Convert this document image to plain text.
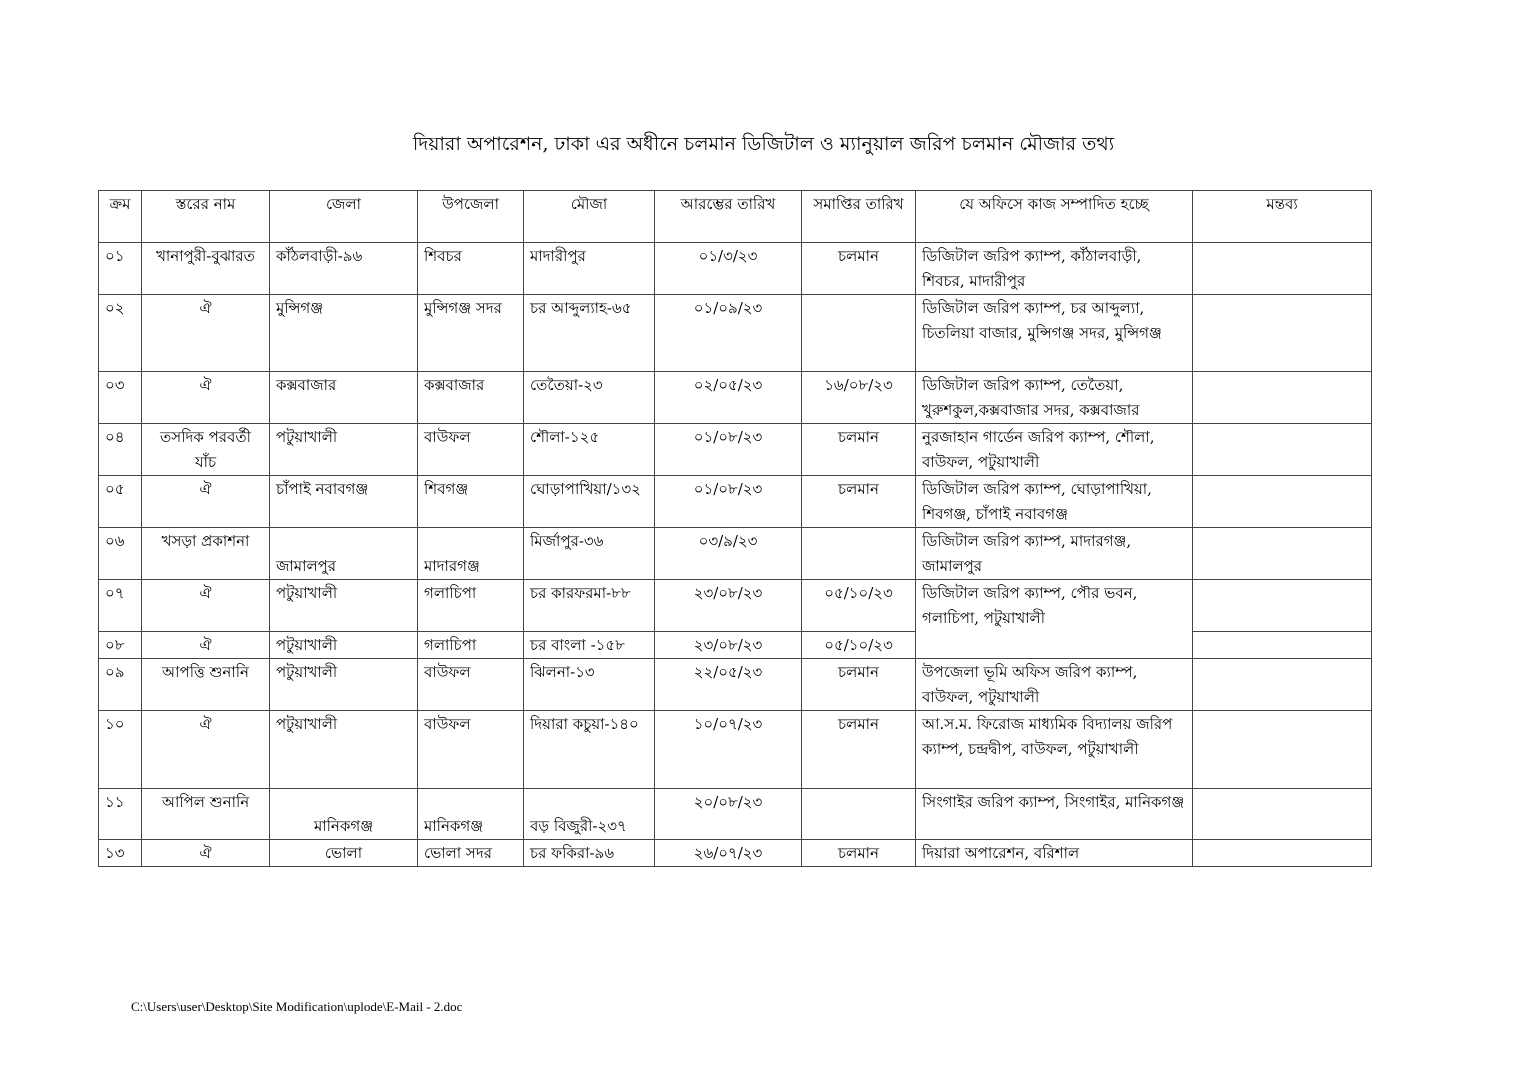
দিয়ারা অপারেশন, ঢাকা এর অধীনে চলমান ডিজিটাল ও ম্যানুয়াল জরিপ চলমান মৌজার তথ্য
ক্রম	স্তরের নাম	জেলা	উপজেলা	মৌজা	আরম্ভের তারিখ	সমাপ্তির তারিখ	যে অফিসে কাজ সম্পাদিত হচ্ছে	মন্তব্য
০১	খানাপুরী-বুঝারত	কাঁঠলবাড়ী-৯৬	শিবচর	মাদারীপুর	০১/৩/২৩	চলমান	ডিজিটাল জরিপ ক্যাম্প, কাঁঠালবাড়ী, শিবচর, মাদারীপুর	
০২	ঐ	মুন্সিগঞ্জ	মুন্সিগঞ্জ সদর	চর আব্দুল্যাহ-৬৫	০১/০৯/২৩		ডিজিটাল জরিপ ক্যাম্প, চর আব্দুল্যা, চিতলিয়া বাজার, মুন্সিগঞ্জ সদর, মুন্সিগঞ্জ	
০৩	ঐ	কক্সবাজার	কক্সবাজার	তেতৈয়া-২৩	০২/০৫/২৩	১৬/০৮/২৩	ডিজিটাল জরিপ ক্যাম্প, তেতৈয়া, খুরুশকুল,কক্সবাজার সদর, কক্সবাজার	
০৪	তসদিক পরবর্তী যাঁচ	পটুয়াখালী	বাউফল	শৌলা-১২৫	০১/০৮/২৩	চলমান	নুরজাহান গার্ডেন জরিপ ক্যাম্প, শৌলা, বাউফল, পটুয়াখালী	
০৫	ঐ	চাঁপাই নবাবগঞ্জ	শিবগঞ্জ	ঘোড়াপাখিয়া/১৩২	০১/০৮/২৩	চলমান	ডিজিটাল জরিপ ক্যাম্প, ঘোড়াপাখিয়া, শিবগঞ্জ, চাঁপাই নবাবগঞ্জ	
০৬	খসড়া প্রকাশনা	জামালপুর	মাদারগঞ্জ	মির্জাপুর-৩৬	০৩/৯/২৩		ডিজিটাল জরিপ ক্যাম্প, মাদারগঞ্জ, জামালপুর	
০৭	ঐ	পটুয়াখালী	গলাচিপা	চর কারফরমা-৮৮	২৩/০৮/২৩	০৫/১০/২৩	ডিজিটাল জরিপ ক্যাম্প, পৌর ভবন, গলাচিপা, পটুয়াখালী	
০৮	ঐ	পটুয়াখালী	গলাচিপা	চর বাংলা -১৫৮	২৩/০৮/২৩	০৫/১০/২৩		
০৯	আপত্তি শুনানি	পটুয়াখালী	বাউফল	ঝিলনা-১৩	২২/০৫/২৩	চলমান	উপজেলা ভূমি অফিস জরিপ ক্যাম্প, বাউফল, পটুয়াখালী	
১০	ঐ	পটুয়াখালী	বাউফল	দিয়ারা কচুয়া-১৪০	১০/০৭/২৩	চলমান	আ.স.ম. ফিরোজ মাধ্যমিক বিদ্যালয় জরিপ ক্যাম্প, চন্দ্রদ্বীপ, বাউফল, পটুয়াখালী	
১১	আপিল শুনানি	মানিকগঞ্জ	মানিকগঞ্জ	বড় বিজুরী-২৩৭	২০/০৮/২৩		সিংগাইর জরিপ ক্যাম্প, সিংগাইর, মানিকগঞ্জ	
১৩	ঐ	ভোলা	ভোলা সদর	চর ফকিরা-৯৬	২৬/০৭/২৩	চলমান	দিয়ারা অপারেশন, বরিশাল	
C:\Users\user\Desktop\Site Modification\uplode\E-Mail - 2.doc
